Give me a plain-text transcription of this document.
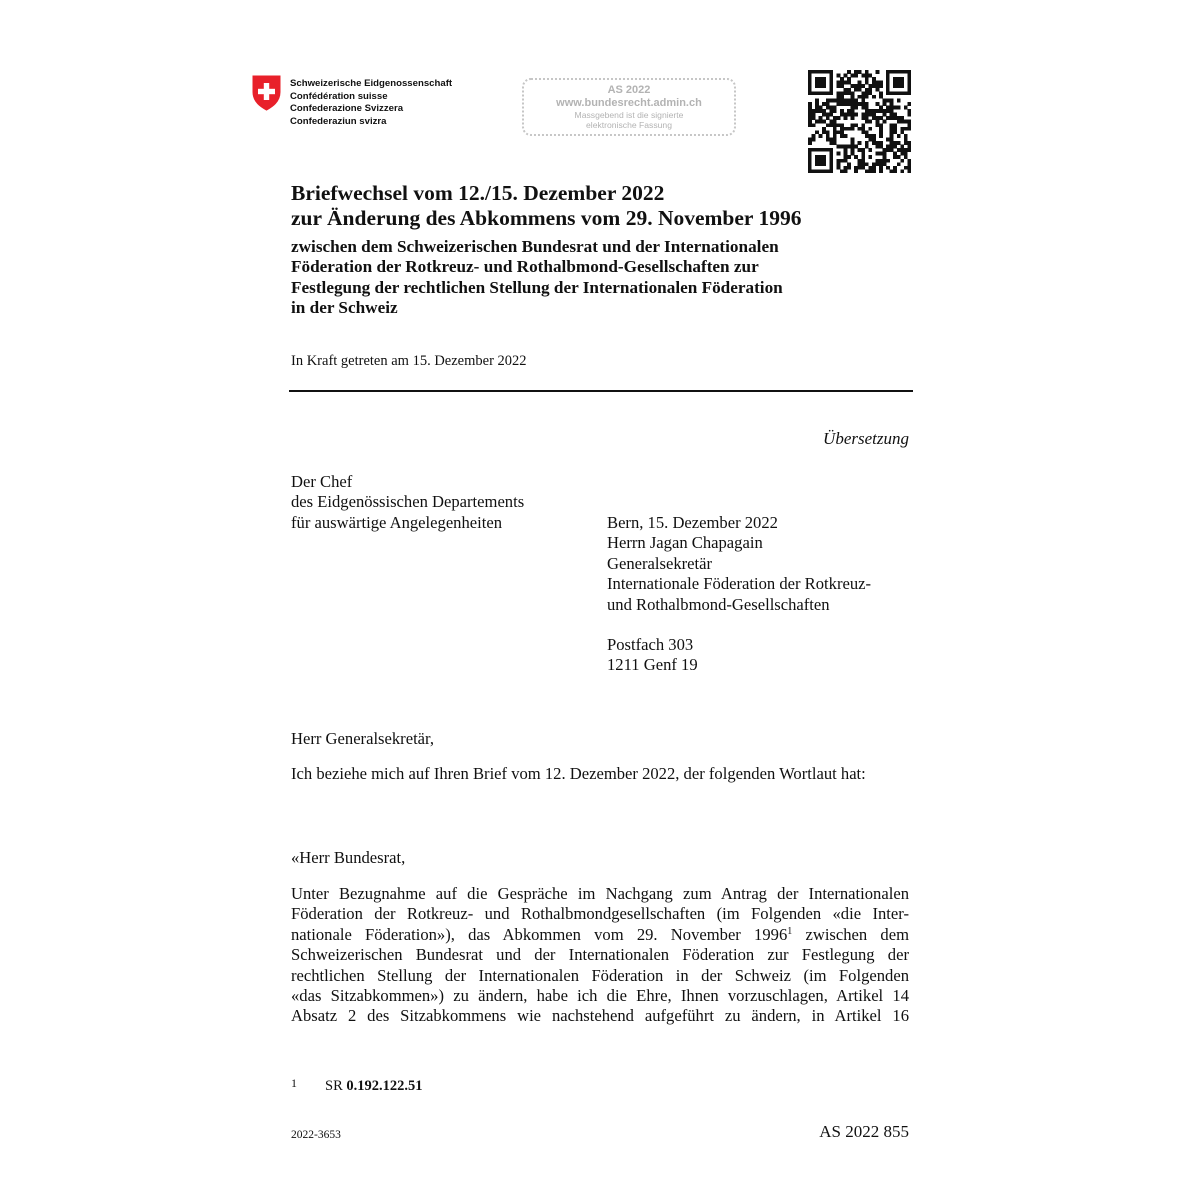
Schweizerische Eidgenossenschaft
Confédération suisse
Confederazione Svizzera
Confederaziun svizra
AS 2022
www.bundesrecht.admin.ch
Massgebend ist die signierte
elektronische Fassung
Briefwechsel vom 12./15. Dezember 2022
zur Änderung des Abkommens vom 29. November 1996
zwischen dem Schweizerischen Bundesrat und der Internationalen
Föderation der Rotkreuz- und Rothalbmond-Gesellschaften zur
Festlegung der rechtlichen Stellung der Internationalen Föderation
in der Schweiz
In Kraft getreten am 15. Dezember 2022
Übersetzung
Der Chef
des Eidgenössischen Departements
für auswärtige Angelegenheiten	Bern, 15. Dezember 2022
Herrn Jagan Chapagain
Generalsekretär
Internationale Föderation der Rotkreuz-
und Rothalbmond-Gesellschaften
Postfach 303
1211 Genf 19
Herr Generalsekretär,
Ich beziehe mich auf Ihren Brief vom 12. Dezember 2022, der folgenden Wortlaut hat:
«Herr Bundesrat,
Unter Bezugnahme auf die Gespräche im Nachgang zum Antrag der Internationalen
Föderation der Rotkreuz- und Rothalbmondgesellschaften (im Folgenden «die Inter-
nationale Föderation»), das Abkommen vom 29. November 1996$^1$ zwischen dem
Schweizerischen Bundesrat und der Internationalen Föderation zur Festlegung der
rechtlichen Stellung der Internationalen Föderation in der Schweiz (im Folgenden
«das Sitzabkommen») zu ändern, habe ich die Ehre, Ihnen vorzuschlagen, Artikel 14
Absatz 2 des Sitzabkommens wie nachstehend aufgeführt zu ändern, in Artikel 16
1 SR 0.192.122.51
2022-3653	AS 2022 855
